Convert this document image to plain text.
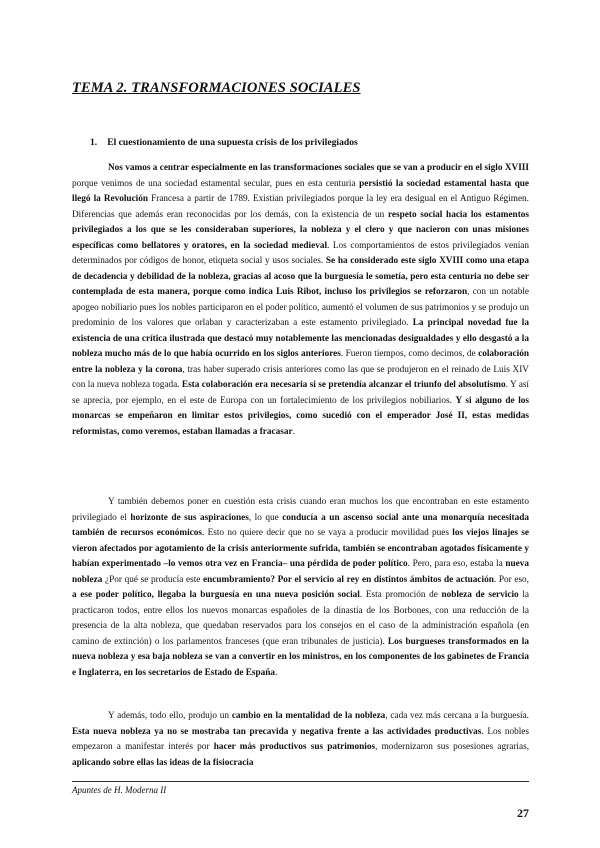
TEMA 2. TRANSFORMACIONES SOCIALES
1. El cuestionamiento de una supuesta crisis de los privilegiados

Nos vamos a centrar especialmente en las transformaciones sociales que se van a producir en el siglo XVIII porque venimos de una sociedad estamental secular, pues en esta centuria persistió la sociedad estamental hasta que llegó la Revolución Francesa a partir de 1789. Existían privilegiados porque la ley era desigual en el Antiguo Régimen. Diferencias que además eran reconocidas por los demás, con la existencia de un respeto social hacia los estamentos privilegiados a los que se les consideraban superiores, la nobleza y el clero y que nacieron con unas misiones específicas como bellatores y oratores, en la sociedad medieval. Los comportamientos de estos privilegiados venían determinados por códigos de honor, etiqueta social y usos sociales. Se ha considerado este siglo XVIII como una etapa de decadencia y debilidad de la nobleza, gracias al acoso que la burguesía le sometía, pero esta centuria no debe ser contemplada de esta manera, porque como indica Luis Ribot, incluso los privilegios se reforzaron, con un notable apogeo nobiliario pues los nobles participaron en el poder político, aumentó el volumen de sus patrimonios y se produjo un predominio de los valores que orlaban y caracterizaban a este estamento privilegiado. La principal novedad fue la existencia de una crítica ilustrada que destacó muy notablemente las mencionadas desigualdades y ello desgastó a la nobleza mucho más de lo que había ocurrido en los siglos anteriores. Fueron tiempos, como decimos, de colaboración entre la nobleza y la corona, tras haber superado crisis anteriores como las que se produjeron en el reinado de Luis XIV con la nueva nobleza togada. Esta colaboración era necesaria si se pretendía alcanzar el triunfo del absolutismo. Y así se aprecia, por ejemplo, en el este de Europa con un fortalecimiento de los privilegios nobiliarios. Y si alguno de los monarcas se empeñaron en limitar estos privilegios, como sucedió con el emperador José II, estas medidas reformistas, como veremos, estaban llamadas a fracasar.

Y también debemos poner en cuestión esta crisis cuando eran muchos los que encontraban en este estamento privilegiado el horizonte de sus aspiraciones, lo que conducía a un ascenso social ante una monarquía necesitada también de recursos económicos. Esto no quiere decir que no se vaya a producir movilidad pues los viejos linajes se vieron afectados por agotamiento de la crisis anteriormente sufrida, también se encontraban agotados físicamente y habían experimentado –lo vemos otra vez en Francia– una pérdida de poder político. Pero, para eso, estaba la nueva nobleza ¿Por qué se producía este encumbramiento? Por el servicio al rey en distintos ámbitos de actuación. Por eso, a ese poder político, llegaba la burguesía en una nueva posición social. Esta promoción de nobleza de servicio la practicaron todos, entre ellos los nuevos monarcas españoles de la dinastía de los Borbones, con una reducción de la presencia de la alta nobleza, que quedaban reservados para los consejos en el caso de la administración española (en camino de extinción) o los parlamentos franceses (que eran tribunales de justicia). Los burgueses transformados en la nueva nobleza y esa baja nobleza se van a convertir en los ministros, en los componentes de los gabinetes de Francia e Inglaterra, en los secretarios de Estado de España.

Y además, todo ello, produjo un cambio en la mentalidad de la nobleza, cada vez más cercana a la burguesía. Esta nueva nobleza ya no se mostraba tan precavida y negativa frente a las actividades productivas. Los nobles empezaron a manifestar interés por hacer más productivos sus patrimonios, modernizaron sus posesiones agrarias, aplicando sobre ellas las ideas de la fisiocracia

Apuntes de H. Moderna II
27
